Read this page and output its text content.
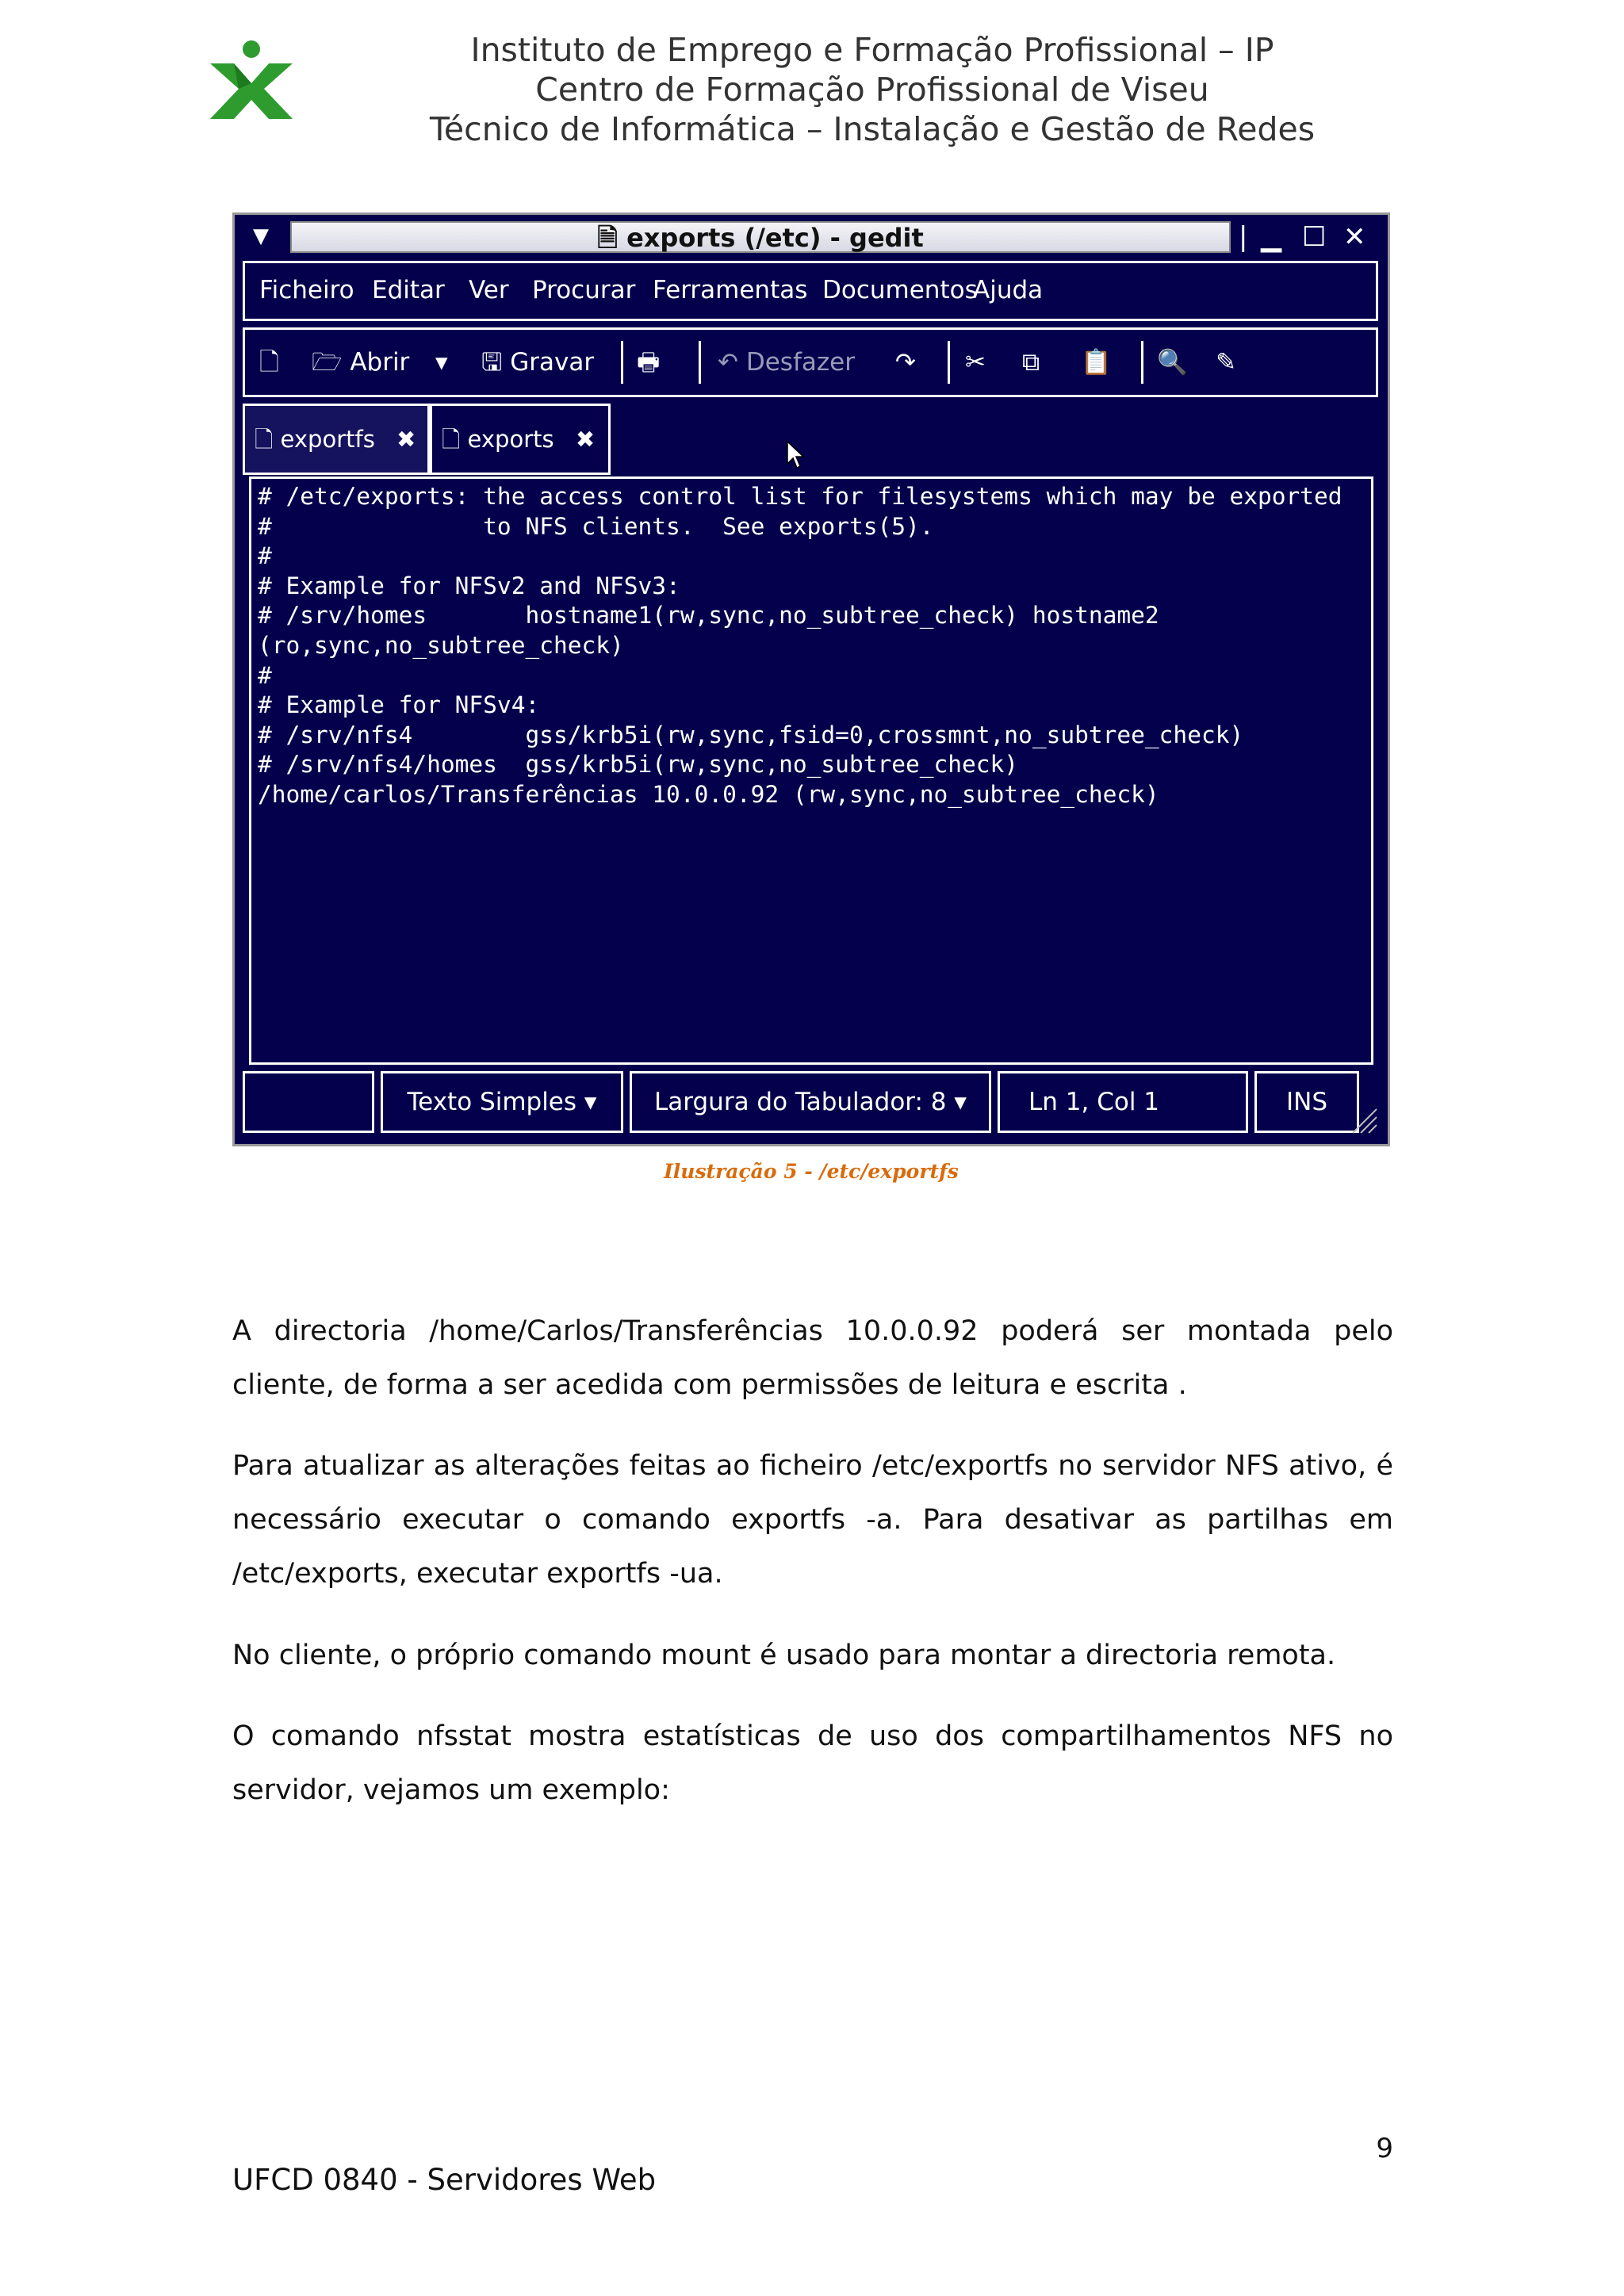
Instituto de Emprego e Formação Profissional – IP
Centro de Formação Profissional de Viseu
Técnico de Informática – Instalação e Gestão de Redes
▼	🗎 exports (/etc) - gedit	| ▁ ☐ ✕
Ficheiro Editar Ver Procurar Ferramentas Documentos
Ajuda
🗋 🗁 Abrir ▾ 🖫 Gravar 🖶 ↶ Desfazer ↷ ✂ ⧉ 📋 🔍 ✎
🗋 exportfs ✖	🗋 exports ✖
# /etc/exports: the access control list for filesystems which may be exported
#               to NFS clients.  See exports(5).
#
# Example for NFSv2 and NFSv3:
# /srv/homes       hostname1(rw,sync,no_subtree_check) hostname2
(ro,sync,no_subtree_check)
#
# Example for NFSv4:
# /srv/nfs4        gss/krb5i(rw,sync,fsid=0,crossmnt,no_subtree_check)
# /srv/nfs4/homes  gss/krb5i(rw,sync,no_subtree_check)
/home/carlos/Transferências 10.0.0.92 (rw,sync,no_subtree_check)
Texto Simples ▾	Largura do Tabulador: 8 ▾	Ln 1, Col 1	INS
Ilustração 5 - /etc/exportfs

A directoria /home/Carlos/Transferências 10.0.0.92 poderá ser montada pelo cliente, de forma a ser acedida com permissões de leitura e escrita .

Para atualizar as alterações feitas ao ficheiro /etc/exportfs no servidor NFS ativo, é necessário executar o comando exportfs -a. Para desativar as partilhas em /etc/exports, executar exportfs -ua.

No cliente, o próprio comando mount é usado para montar a directoria remota.

O comando nfsstat mostra estatísticas de uso dos compartilhamentos NFS no servidor, vejamos um exemplo:

9
UFCD 0840 - Servidores Web
